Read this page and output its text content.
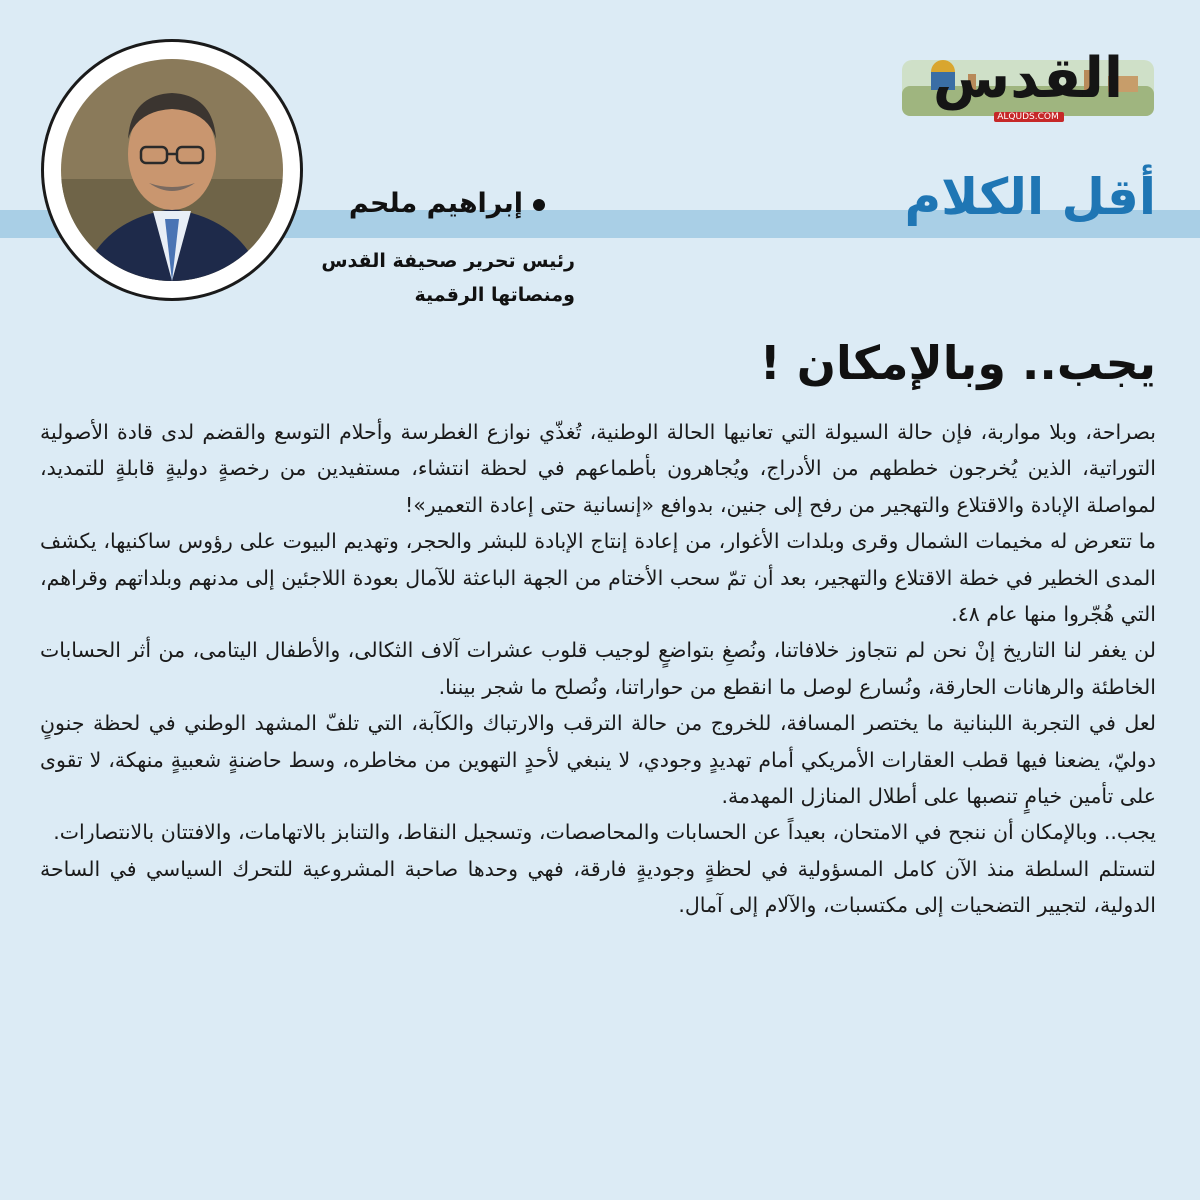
القدس
ALQUDS.COM
أقل الكلام
إبراهيم ملحم
رئيس تحرير صحيفة القدس
ومنصاتها الرقمية
يجب.. وبالإمكان !

بصراحة، وبلا مواربة، فإن حالة السيولة التي تعانيها الحالة الوطنية، تُغذّي نوازع الغطرسة وأحلام التوسع والقضم لدى قادة الأصولية التوراتية، الذين يُخرجون خططهم من الأدراج، ويُجاهرون بأطماعهم في لحظة انتشاء، مستفيدين من رخصةٍ دوليةٍ قابلةٍ للتمديد، لمواصلة الإبادة والاقتلاع والتهجير من رفح إلى جنين، بدوافع «إنسانية حتى إعادة التعمير»!

ما تتعرض له مخيمات الشمال وقرى وبلدات الأغوار، من إعادة إنتاج الإبادة للبشر والحجر، وتهديم البيوت على رؤوس ساكنيها، يكشف المدى الخطير في خطة الاقتلاع والتهجير، بعد أن تمّ سحب الأختام من الجهة الباعثة للآمال بعودة اللاجئين إلى مدنهم وبلداتهم وقراهم، التي هُجّروا منها عام ٤٨.

لن يغفر لنا التاريخ إنْ نحن لم نتجاوز خلافاتنا، ونُصغِ بتواضعٍ لوجيب قلوب عشرات آلاف الثكالى، والأطفال اليتامى، من أثر الحسابات الخاطئة والرهانات الحارقة، ونُسارع لوصل ما انقطع من حواراتنا، ونُصلح ما شجر بيننا.

لعل في التجربة اللبنانية ما يختصر المسافة، للخروج من حالة الترقب والارتباك والكآبة، التي تلفّ المشهد الوطني في لحظة جنونٍ دوليّ، يضعنا فيها قطب العقارات الأمريكي أمام تهديدٍ وجودي، لا ينبغي لأحدٍ التهوين من مخاطره، وسط حاضنةٍ شعبيةٍ منهكة، لا تقوى على تأمين خيامٍ تنصبها على أطلال المنازل المهدمة.

يجب.. وبالإمكان أن ننجح في الامتحان، بعيداً عن الحسابات والمحاصصات، وتسجيل النقاط، والتنابز بالاتهامات، والافتتان بالانتصارات.

لتستلم السلطة منذ الآن كامل المسؤولية في لحظةٍ وجوديةٍ فارقة، فهي وحدها صاحبة المشروعية للتحرك السياسي في الساحة الدولية، لتجيير التضحيات إلى مكتسبات، والآلام إلى آمال.
